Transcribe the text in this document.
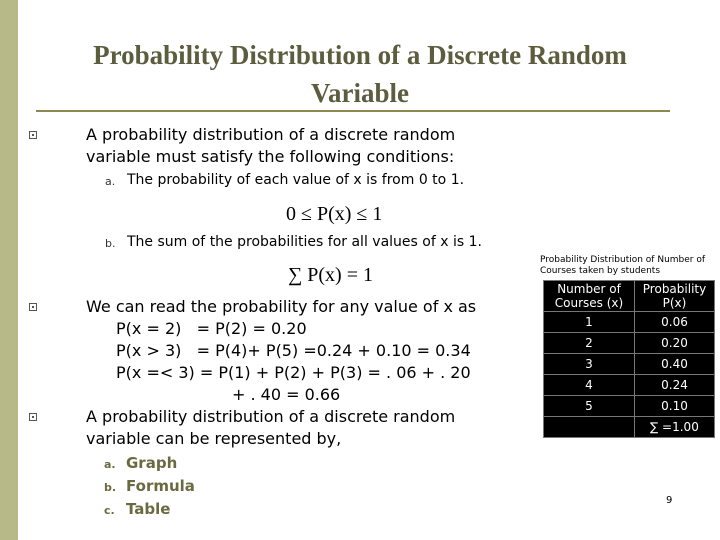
Probability Distribution of a Discrete Random
Variable
A probability distribution of a discrete random
variable must satisfy the following conditions:
a. The probability of each value of x is from 0 to 1.
0 ≤ P(x) ≤ 1
b. The sum of the probabilities for all values of x is 1.
∑ P(x) = 1
We can read the probability for any value of x as
P(x = 2)   = P(2) = 0.20
P(x > 3)   = P(4)+ P(5) =0.24 + 0.10 = 0.34
P(x =< 3) = P(1) + P(2) + P(3) = . 06 + . 20
+ . 40 = 0.66
A probability distribution of a discrete random
variable can be represented by,
a. Graph
b. Formula
c. Table
Probability Distribution of Number of Courses taken by students
Number of Courses (x)	Probability P(x)
1	0.06
2	0.20
3	0.40
4	0.24
5	0.10
	∑ =1.00
9
